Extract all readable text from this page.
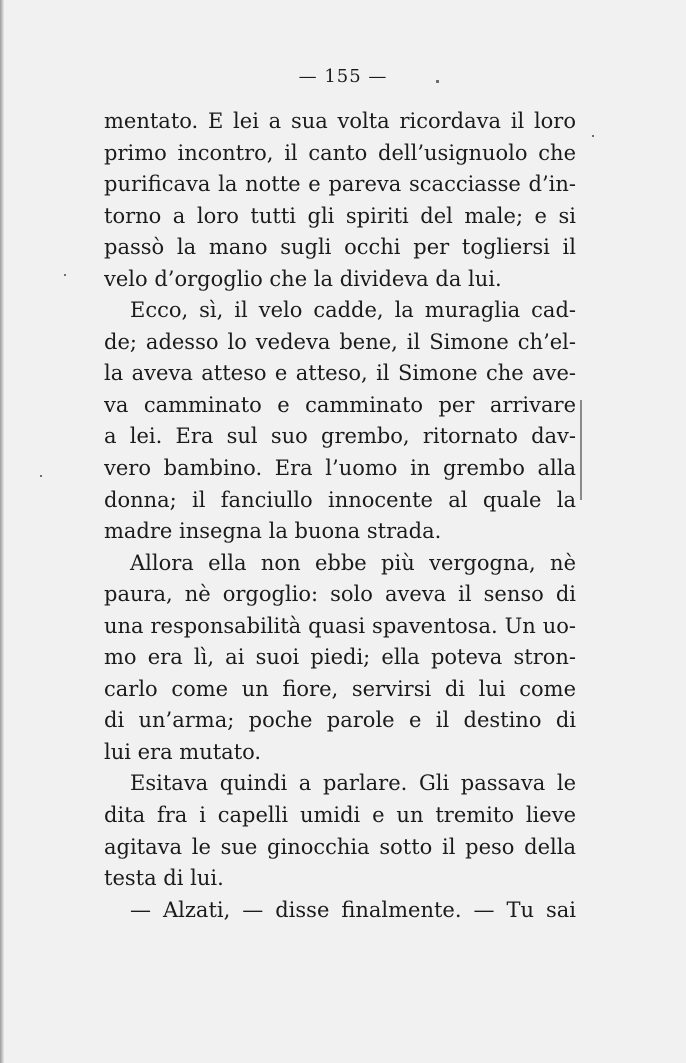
— 155 —
mentato. E lei a sua volta ricordava il loro
primo incontro, il canto dell’usignuolo che
purificava la notte e pareva scacciasse d’in-
torno a loro tutti gli spiriti del male; e si
passò la mano sugli occhi per togliersi il
velo d’orgoglio che la divideva da lui.
Ecco, sì, il velo cadde, la muraglia cad-
de; adesso lo vedeva bene, il Simone ch’el-
la aveva atteso e atteso, il Simone che ave-
va camminato e camminato per arrivare
a lei. Era sul suo grembo, ritornato dav-
vero bambino. Era l’uomo in grembo alla
donna; il fanciullo innocente al quale la
madre insegna la buona strada.
Allora ella non ebbe più vergogna, nè
paura, nè orgoglio: solo aveva il senso di
una responsabilità quasi spaventosa. Un uo-
mo era lì, ai suoi piedi; ella poteva stron-
carlo come un fiore, servirsi di lui come
di un’arma; poche parole e il destino di
lui era mutato.
Esitava quindi a parlare. Gli passava le
dita fra i capelli umidi e un tremito lieve
agitava le sue ginocchia sotto il peso della
testa di lui.
— Alzati, — disse finalmente. — Tu sai
